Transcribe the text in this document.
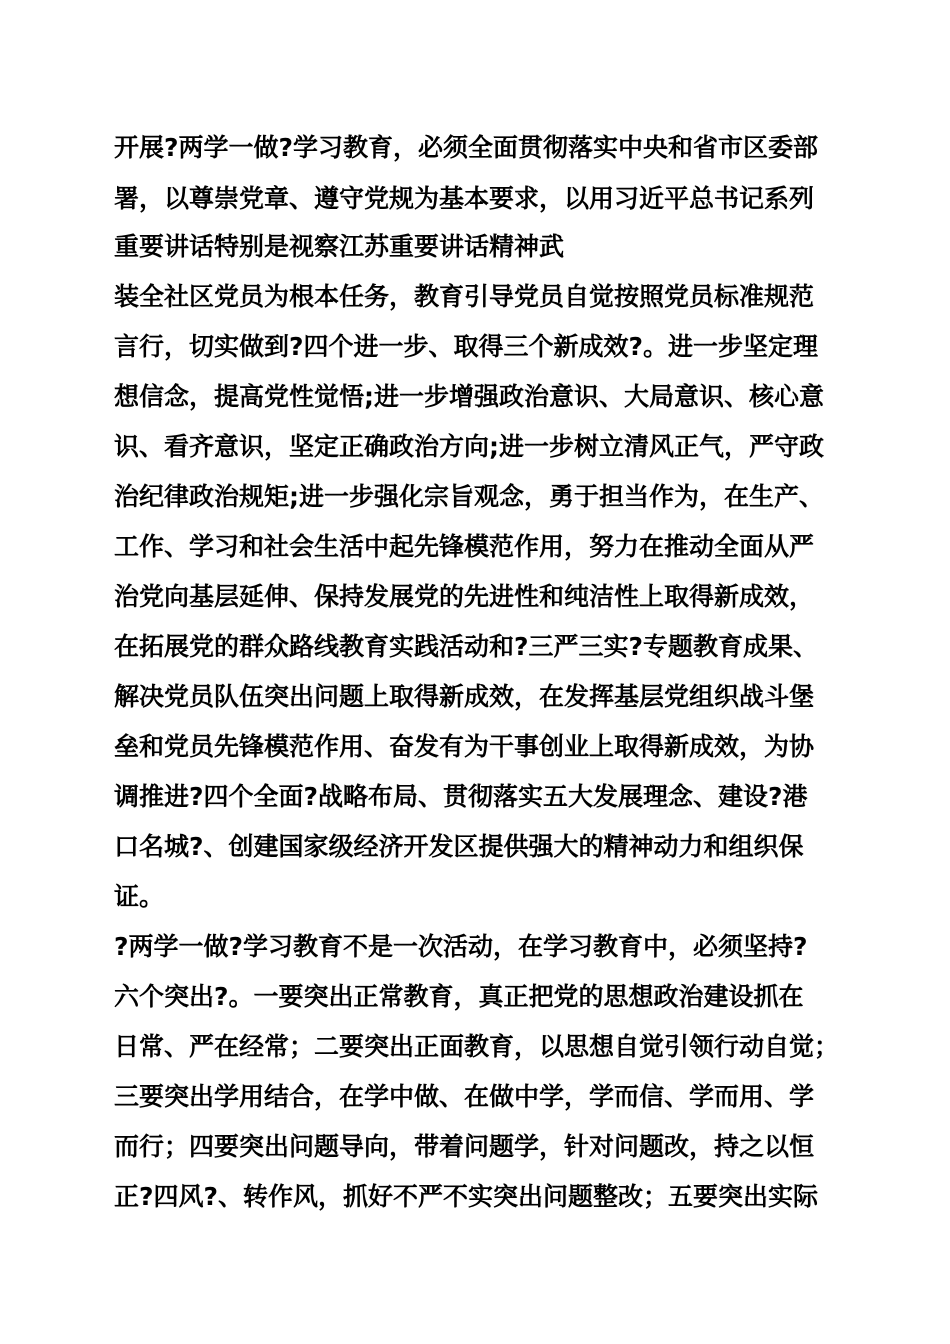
开展?两学一做?学习教育，必须全面贯彻落实中央和省市区委部
署，以尊崇党章、遵守党规为基本要求，以用习近平总书记系列
重要讲话特别是视察江苏重要讲话精神武
装全社区党员为根本任务，教育引导党员自觉按照党员标准规范
言行，切实做到?四个进一步、取得三个新成效?。进一步坚定理
想信念，提高党性觉悟;进一步增强政治意识、大局意识、核心意
识、看齐意识，坚定正确政治方向;进一步树立清风正气，严守政
治纪律政治规矩;进一步强化宗旨观念，勇于担当作为，在生产、
工作、学习和社会生活中起先锋模范作用，努力在推动全面从严
治党向基层延伸、保持发展党的先进性和纯洁性上取得新成效，
在拓展党的群众路线教育实践活动和?三严三实?专题教育成果、
解决党员队伍突出问题上取得新成效，在发挥基层党组织战斗堡
垒和党员先锋模范作用、奋发有为干事创业上取得新成效，为协
调推进?四个全面?战略布局、贯彻落实五大发展理念、建设?港
口名城?、创建国家级经济开发区提供强大的精神动力和组织保
证。
?两学一做?学习教育不是一次活动，在学习教育中，必须坚持?
六个突出?。一要突出正常教育，真正把党的思想政治建设抓在
日常、严在经常；二要突出正面教育，以思想自觉引领行动自觉；
三要突出学用结合，在学中做、在做中学，学而信、学而用、学
而行；四要突出问题导向，带着问题学，针对问题改，持之以恒
正?四风?、转作风，抓好不严不实突出问题整改；五要突出实际
